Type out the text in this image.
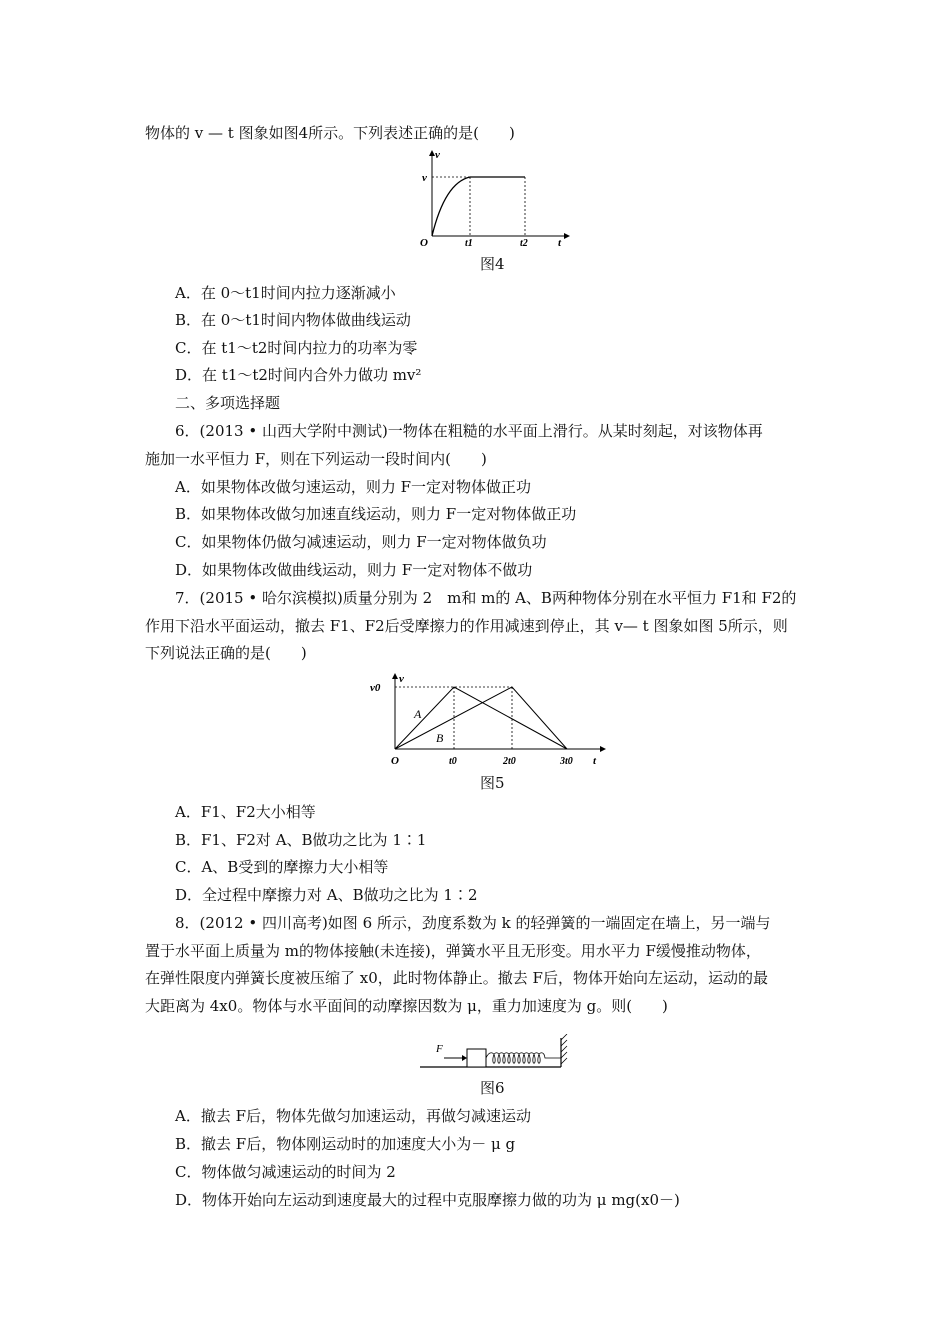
物体的 v — t 图象如图4所示。下列表述正确的是(　　)
v
v
O	t1	t2	t
图4
A．在 0～t1时间内拉力逐渐减小
B．在 0～t1时间内物体做曲线运动
C．在 t1～t2时间内拉力的功率为零
D．在 t1～t2时间内合外力做功 mv²
二、多项选择题
6．(2013 • 山西大学附中测试)一物体在粗糙的水平面上滑行。从某时刻起，对该物体再
施加一水平恒力 F，则在下列运动一段时间内(　　)
A．如果物体改做匀速运动，则力 F一定对物体做正功
B．如果物体改做匀加速直线运动，则力 F一定对物体做正功
C．如果物体仍做匀减速运动，则力 F一定对物体做负功
D．如果物体改做曲线运动，则力 F一定对物体不做功
7．(2015 • 哈尔滨模拟)质量分别为 2　m和 m的 A、B两种物体分别在水平恒力 F1和 F2的
作用下沿水平面运动，撤去 F1、F2后受摩擦力的作用减速到停止，其 v— t 图象如图 5所示，则
下列说法正确的是(　　)
v0
v
A
B
O	t0	2t0	3t0 t
图5
A．F1、F2大小相等
B．F1、F2对 A、B做功之比为 1∶1
C．A、B受到的摩擦力大小相等
D．全过程中摩擦力对 A、B做功之比为 1∶2
8．(2012 • 四川高考)如图 6 所示，劲度系数为 k 的轻弹簧的一端固定在墙上，另一端与
置于水平面上质量为 m的物体接触(未连接)，弹簧水平且无形变。用水平力 F缓慢推动物体，
在弹性限度内弹簧长度被压缩了 x0，此时物体静止。撤去 F后，物体开始向左运动，运动的最
大距离为 4x0。物体与水平面间的动摩擦因数为 μ，重力加速度为 g。则(　　)
F
图6
A．撤去 F后，物体先做匀加速运动，再做匀减速运动
B．撤去 F后，物体刚运动时的加速度大小为－ μ g
C．物体做匀减速运动的时间为 2
D．物体开始向左运动到速度最大的过程中克服摩擦力做的功为 μ mg(x0－)
